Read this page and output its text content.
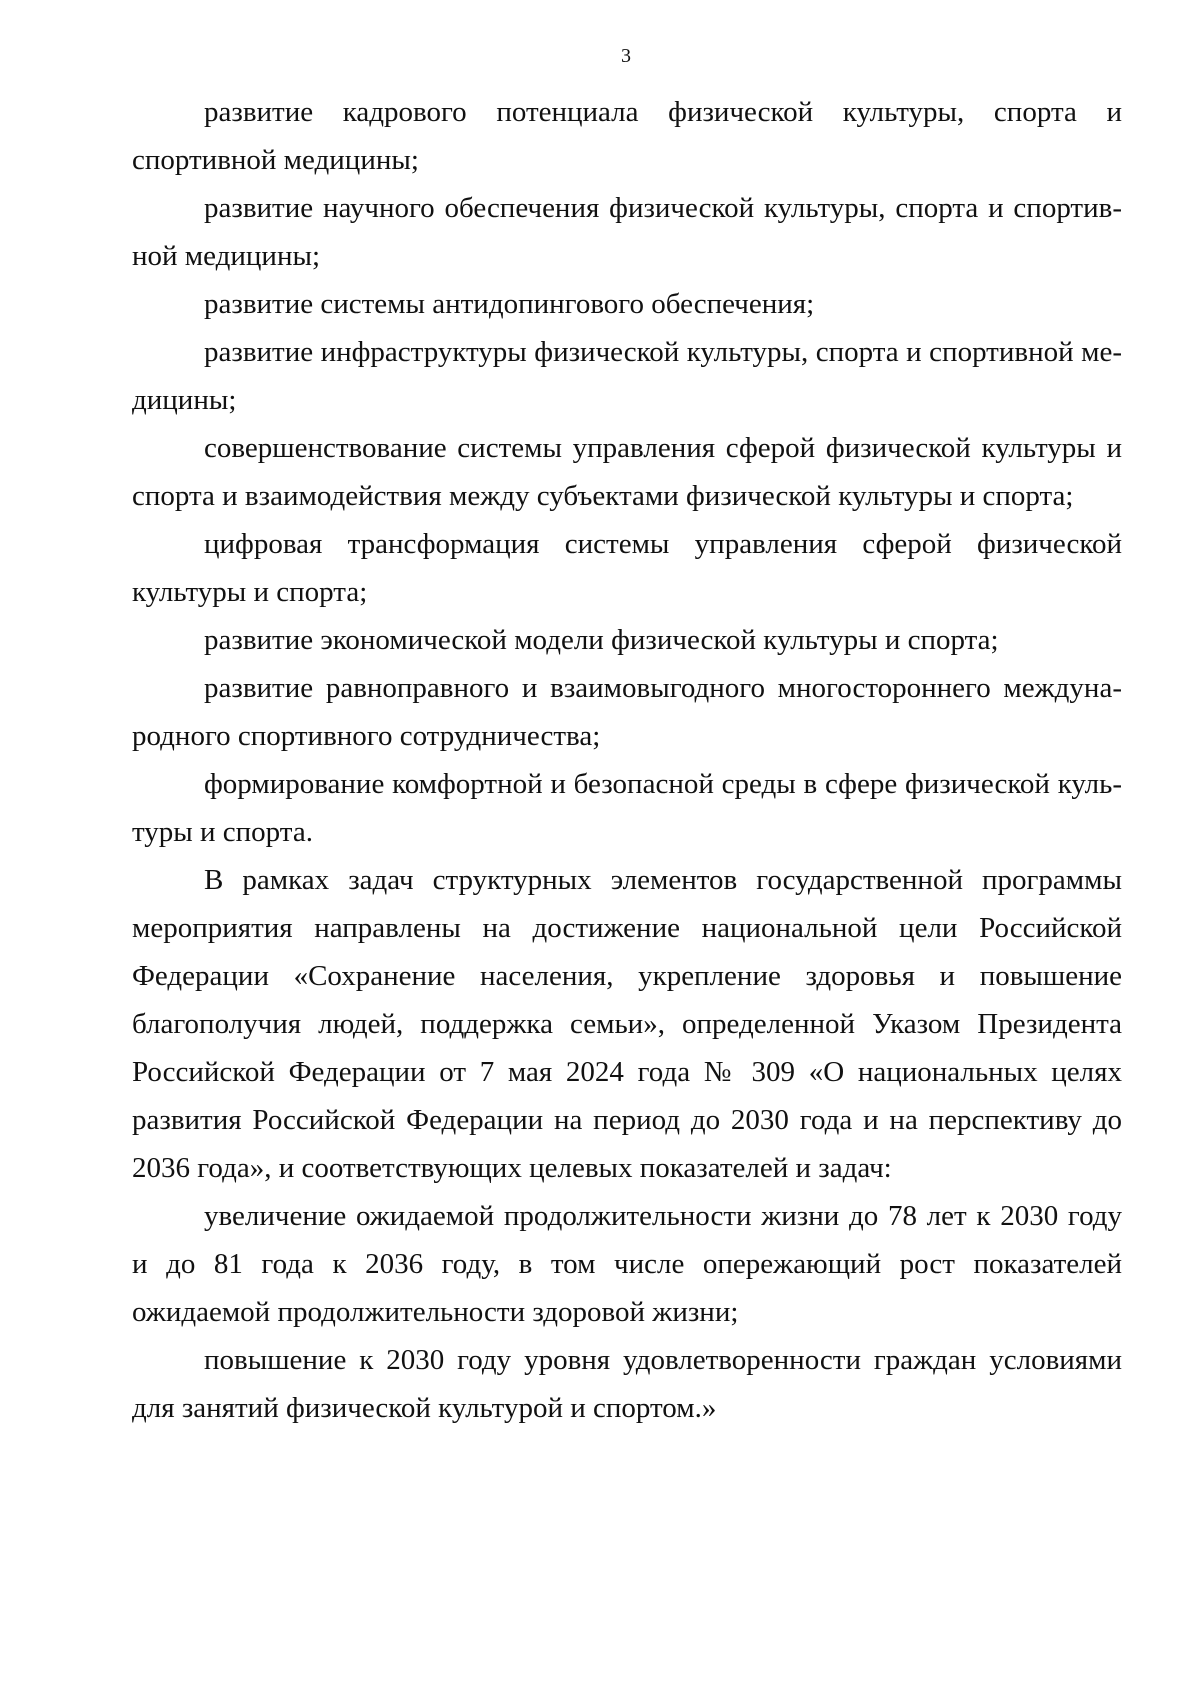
3

развитие кадрового потенциала физической культуры, спорта и спортивной медицины;

развитие научного обеспечения физической культуры, спорта и спортивной медицины;

развитие системы антидопингового обеспечения;

развитие инфраструктуры физической культуры, спорта и спортивной медицины;

совершенствование системы управления сферой физической культуры и спорта и взаимодействия между субъектами физической культуры и спорта;

цифровая трансформация системы управления сферой физической культуры и спорта;

развитие экономической модели физической культуры и спорта;

развитие равноправного и взаимовыгодного многостороннего международного спортивного сотрудничества;

формирование комфортной и безопасной среды в сфере физической культуры и спорта.

В рамках задач структурных элементов государственной программы мероприятия направлены на достижение национальной цели Российской Федерации «Сохранение населения, укрепление здоровья и повышение благополучия людей, поддержка семьи», определенной Указом Президента Российской Федерации от 7 мая 2024 года № 309 «О национальных целях развития Российской Федерации на период до 2030 года и на перспективу до 2036 года», и соответствующих целевых показателей и задач:

увеличение ожидаемой продолжительности жизни до 78 лет к 2030 году и до 81 года к 2036 году, в том числе опережающий рост показателей ожидаемой продолжительности здоровой жизни;

повышение к 2030 году уровня удовлетворенности граждан условиями для занятий физической культурой и спортом.»
